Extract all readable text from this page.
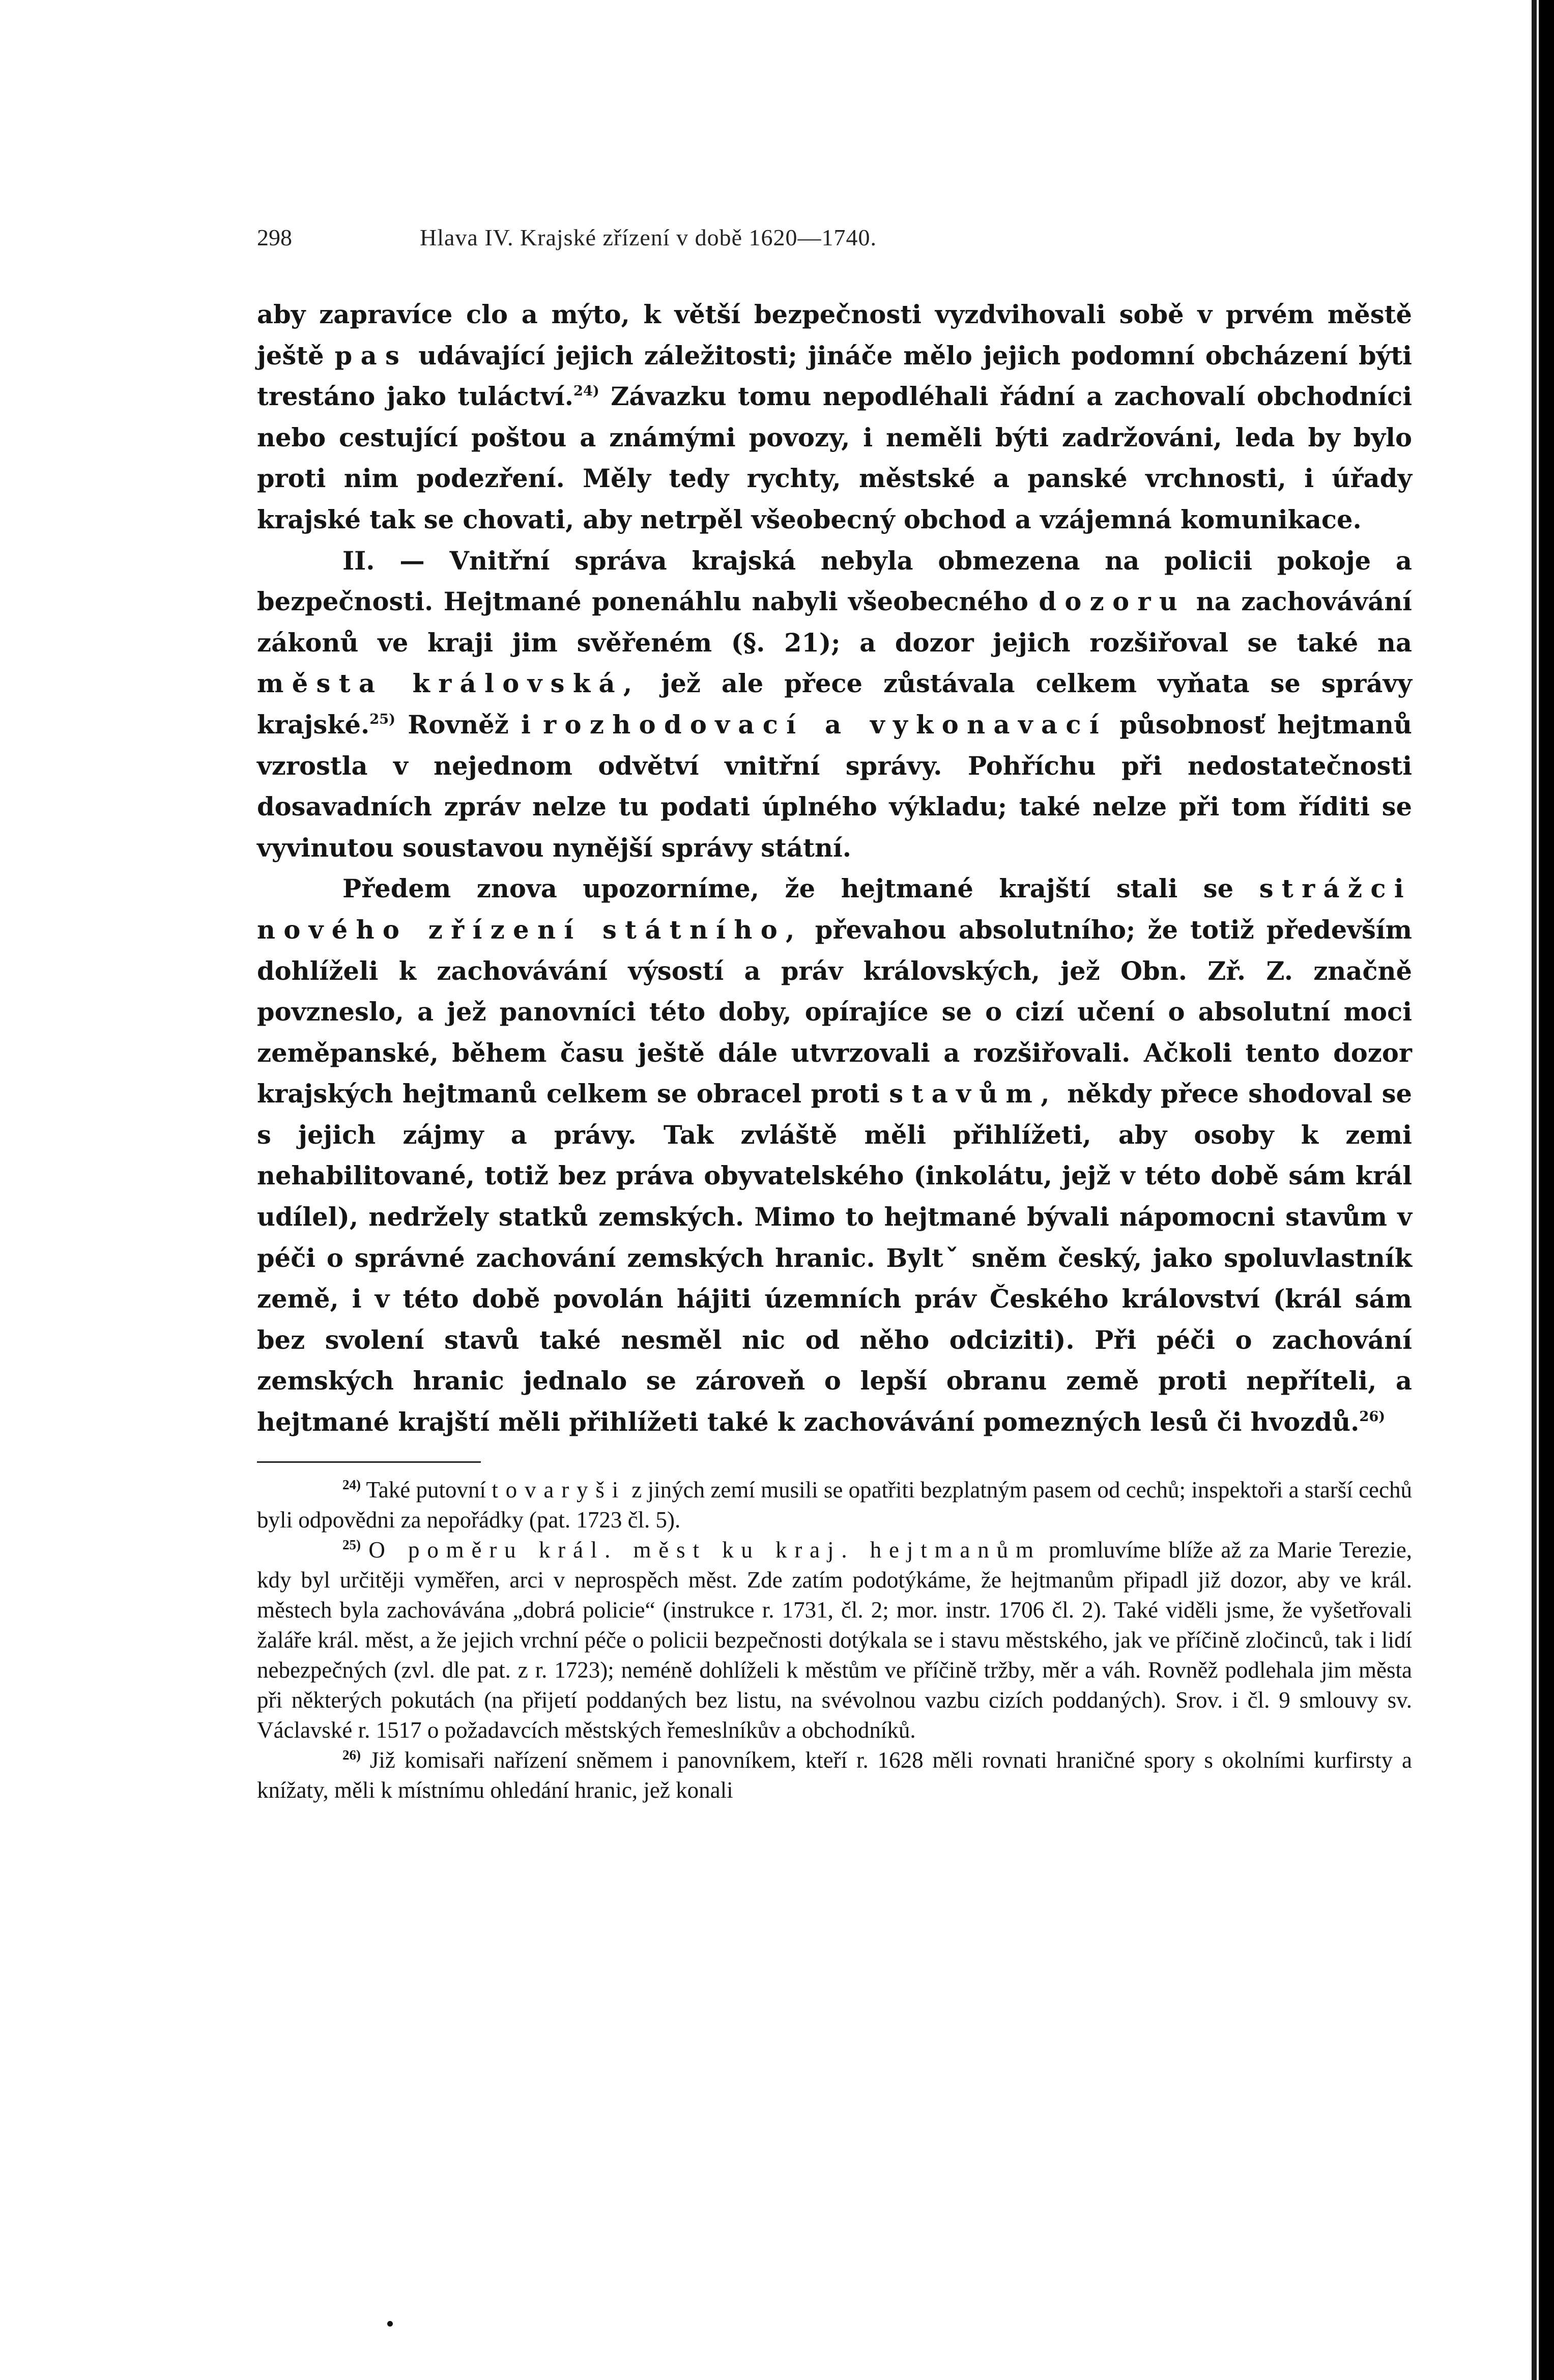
298	Hlava IV. Krajské zřízení v době 1620—1740.

aby zapravíce clo a mýto, k větší bezpečnosti vyzdvihovali sobě v prvém městě ještě pas udávající jejich záležitosti; jináče mělo jejich podomní obcházení býti trestáno jako tuláctví.$^{24)}$ Závazku tomu nepodléhali řádní a zachovalí obchodníci nebo cestující poštou a známými povozy, i neměli býti zadržováni, leda by bylo proti nim podezření. Měly tedy rychty, městské a panské vrchnosti, i úřady krajské tak se chovati, aby netrpěl všeobecný obchod a vzájemná komunikace.

II. — Vnitřní správa krajská nebyla obmezena na policii pokoje a bezpečnosti. Hejtmané ponenáhlu nabyli všeobecného dozoru na zachovávání zákonů ve kraji jim svěřeném (§. 21); a dozor jejich rozšiřoval se také na města královská, jež ale přece zůstávala celkem vyňata se správy krajské.$^{25)}$ Rovněž i rozhodovací a vykonavací působnosť hejtmanů vzrostla v nejednom odvětví vnitřní správy. Pohříchu při nedostatečnosti dosavadních zpráv nelze tu podati úplného výkladu; také nelze při tom říditi se vyvinutou soustavou nynější správy státní.

Předem znova upozorníme, že hejtmané krajští stali se strážci nového zřízení státního, převahou absolutního; že totiž především dohlíželi k zachovávání výsostí a práv královských, jež Obn. Zř. Z. značně povzneslo, a jež panovníci této doby, opírajíce se o cizí učení o absolutní moci zeměpanské, během času ještě dále utvrzovali a rozšiřovali. Ačkoli tento dozor krajských hejtmanů celkem se obracel proti stavům, někdy přece shodoval se s jejich zájmy a právy. Tak zvláště měli přihlížeti, aby osoby k zemi nehabilitované, totiž bez práva obyvatelského (inkolátu, jejž v této době sám král udílel), nedržely statků zemských. Mimo to hejtmané bývali nápomocni stavům v péči o správné zachování zemských hranic. Byltˇ sněm český, jako spoluvlastník země, i v této době povolán hájiti územních práv Českého království (král sám bez svolení stavů také nesměl nic od něho odciziti). Při péči o zachování zemských hranic jednalo se zároveň o lepší obranu země proti nepříteli, a hejtmané krajští měli přihlížeti také k zachovávání pomezných lesů či hvozdů.$^{26)}$

$^{24)}$ Také putovní tovaryši z jiných zemí musili se opatřiti bezplatným pasem od cechů; inspektoři a starší cechů byli odpovědni za nepořádky (pat. 1723 čl. 5).

$^{25)}$ O poměru král. měst ku kraj. hejtmanům promluvíme blíže až za Marie Terezie, kdy byl určitěji vyměřen, arci v neprospěch měst. Zde zatím podotýkáme, že hejtmanům připadl již dozor, aby ve král. městech byla zachovávána „dobrá policie“ (instrukce r. 1731, čl. 2; mor. instr. 1706 čl. 2). Také viděli jsme, že vyšetřovali žaláře král. měst, a že jejich vrchní péče o policii bezpečnosti dotýkala se i stavu městského, jak ve příčině zločinců, tak i lidí nebezpečných (zvl. dle pat. z r. 1723); neméně dohlíželi k městům ve příčině tržby, měr a váh. Rovněž podlehala jim města při některých pokutách (na přijetí poddaných bez listu, na svévolnou vazbu cizích poddaných). Srov. i čl. 9 smlouvy sv. Václavské r. 1517 o požadavcích městských řemeslníkův a obchodníků.

$^{26)}$ Již komisaři nařízení sněmem i panovníkem, kteří r. 1628 měli rovnati hraničné spory s okolními kurfirsty a knížaty, měli k místnímu ohledání hranic, jež konali
